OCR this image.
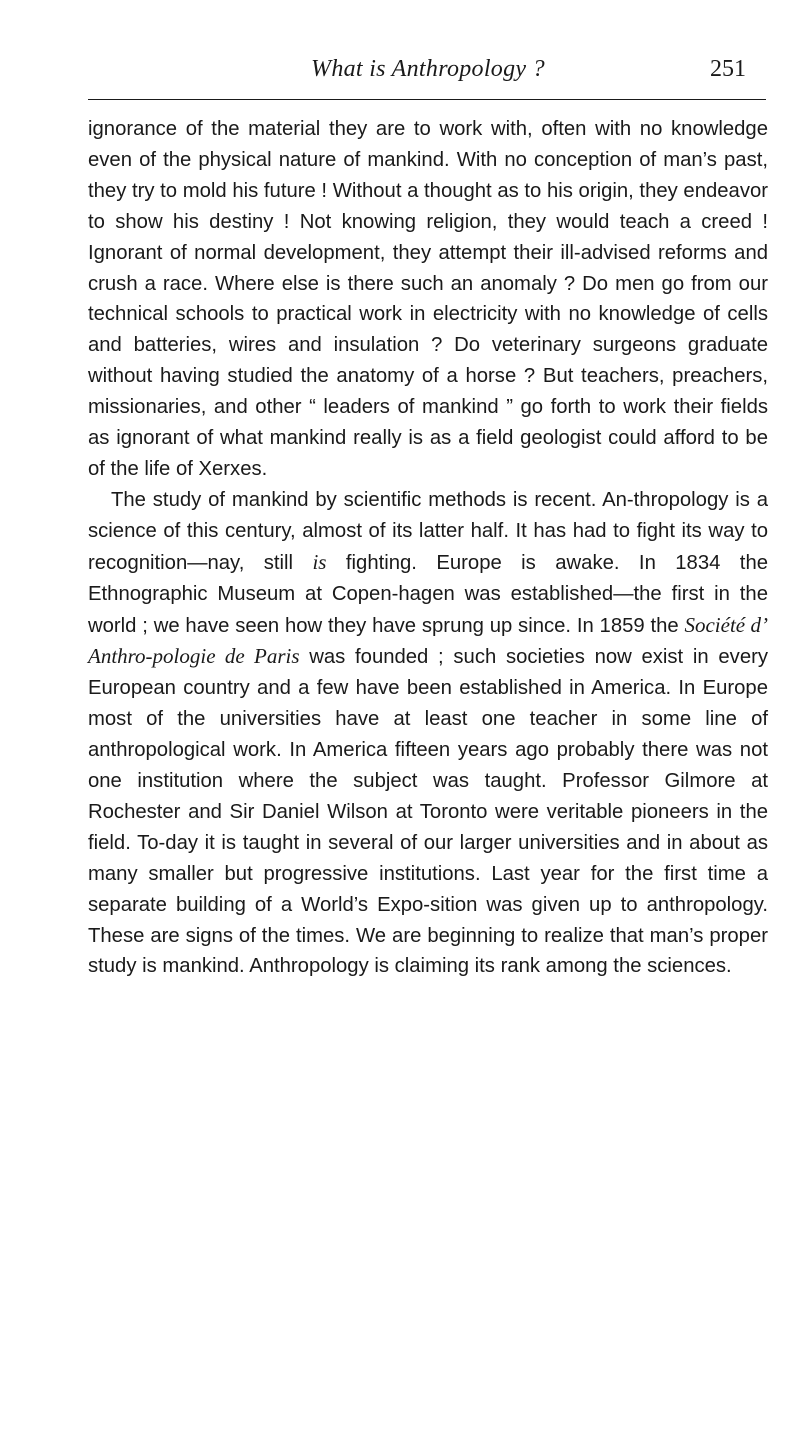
What is Anthropology ?	251

ignorance of the material they are to work with, often with no knowledge even of the physical nature of mankind. With no conception of man’s past, they try to mold his future ! Without a thought as to his origin, they endeavor to show his destiny ! Not knowing religion, they would teach a creed ! Ignorant of normal development, they attempt their ill-advised reforms and crush a race. Where else is there such an anomaly ? Do men go from our technical schools to practical work in electricity with no knowledge of cells and batteries, wires and insulation ? Do veterinary surgeons graduate without having studied the anatomy of a horse ? But teachers, preachers, missionaries, and other “ leaders of mankind ” go forth to work their fields as ignorant of what mankind really is as a field geologist could afford to be of the life of Xerxes.

The study of mankind by scientific methods is recent. An-thropology is a science of this century, almost of its latter half. It has had to fight its way to recognition—nay, still is fighting. Europe is awake. In 1834 the Ethnographic Museum at Copen-hagen was established—the first in the world ; we have seen how they have sprung up since. In 1859 the Société d’ Anthro-pologie de Paris was founded ; such societies now exist in every European country and a few have been established in America. In Europe most of the universities have at least one teacher in some line of anthropological work. In America fifteen years ago probably there was not one institution where the subject was taught. Professor Gilmore at Rochester and Sir Daniel Wilson at Toronto were veritable pioneers in the field. To-day it is taught in several of our larger universities and in about as many smaller but progressive institutions. Last year for the first time a separate building of a World’s Expo-sition was given up to anthropology. These are signs of the times. We are beginning to realize that man’s proper study is mankind. Anthropology is claiming its rank among the sciences.
